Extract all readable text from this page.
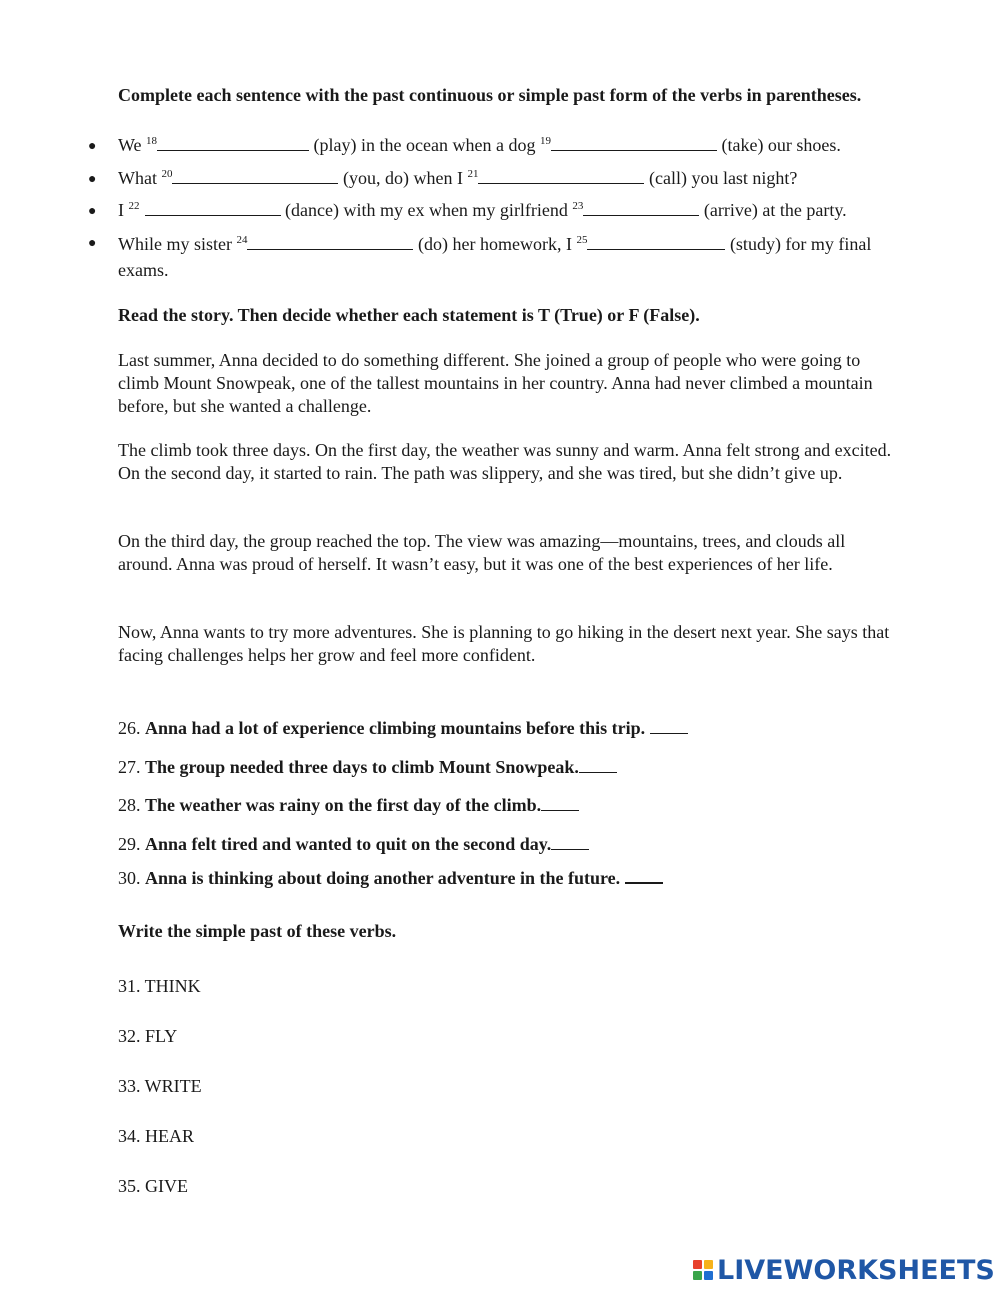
Complete each sentence with the past continuous or simple past form of the verbs in parentheses.
● We $^{18}$	(play) in the ocean when a dog $^{19}$	(take) our shoes.
● What $^{20}$	(you, do) when I $^{21}$	(call) you last night?
● I $^{22}$	(dance) with my ex when my girlfriend $^{23}$	(arrive) at the party.
● While my sister $^{24}$	(do) her homework, I $^{25}$	(study) for my final exams.
Read the story. Then decide whether each statement is T (True) or F (False).
Last summer, Anna decided to do something different. She joined a group of people who were going to climb Mount Snowpeak, one of the tallest mountains in her country. Anna had never climbed a mountain before, but she wanted a challenge.
The climb took three days. On the first day, the weather was sunny and warm. Anna felt strong and excited. On the second day, it started to rain. The path was slippery, and she was tired, but she didn’t give up.
On the third day, the group reached the top. The view was amazing—mountains, trees, and clouds all around. Anna was proud of herself. It wasn’t easy, but it was one of the best experiences of her life.
Now, Anna wants to try more adventures. She is planning to go hiking in the desert next year. She says that facing challenges helps her grow and feel more confident.
26. Anna had a lot of experience climbing mountains before this trip.
27. The group needed three days to climb Mount Snowpeak.
28. The weather was rainy on the first day of the climb.
29. Anna felt tired and wanted to quit on the second day.
30. Anna is thinking about doing another adventure in the future.
Write the simple past of these verbs.
31. THINK
32. FLY
33. WRITE
34. HEAR
35. GIVE
LIVEWORKSHEETS
